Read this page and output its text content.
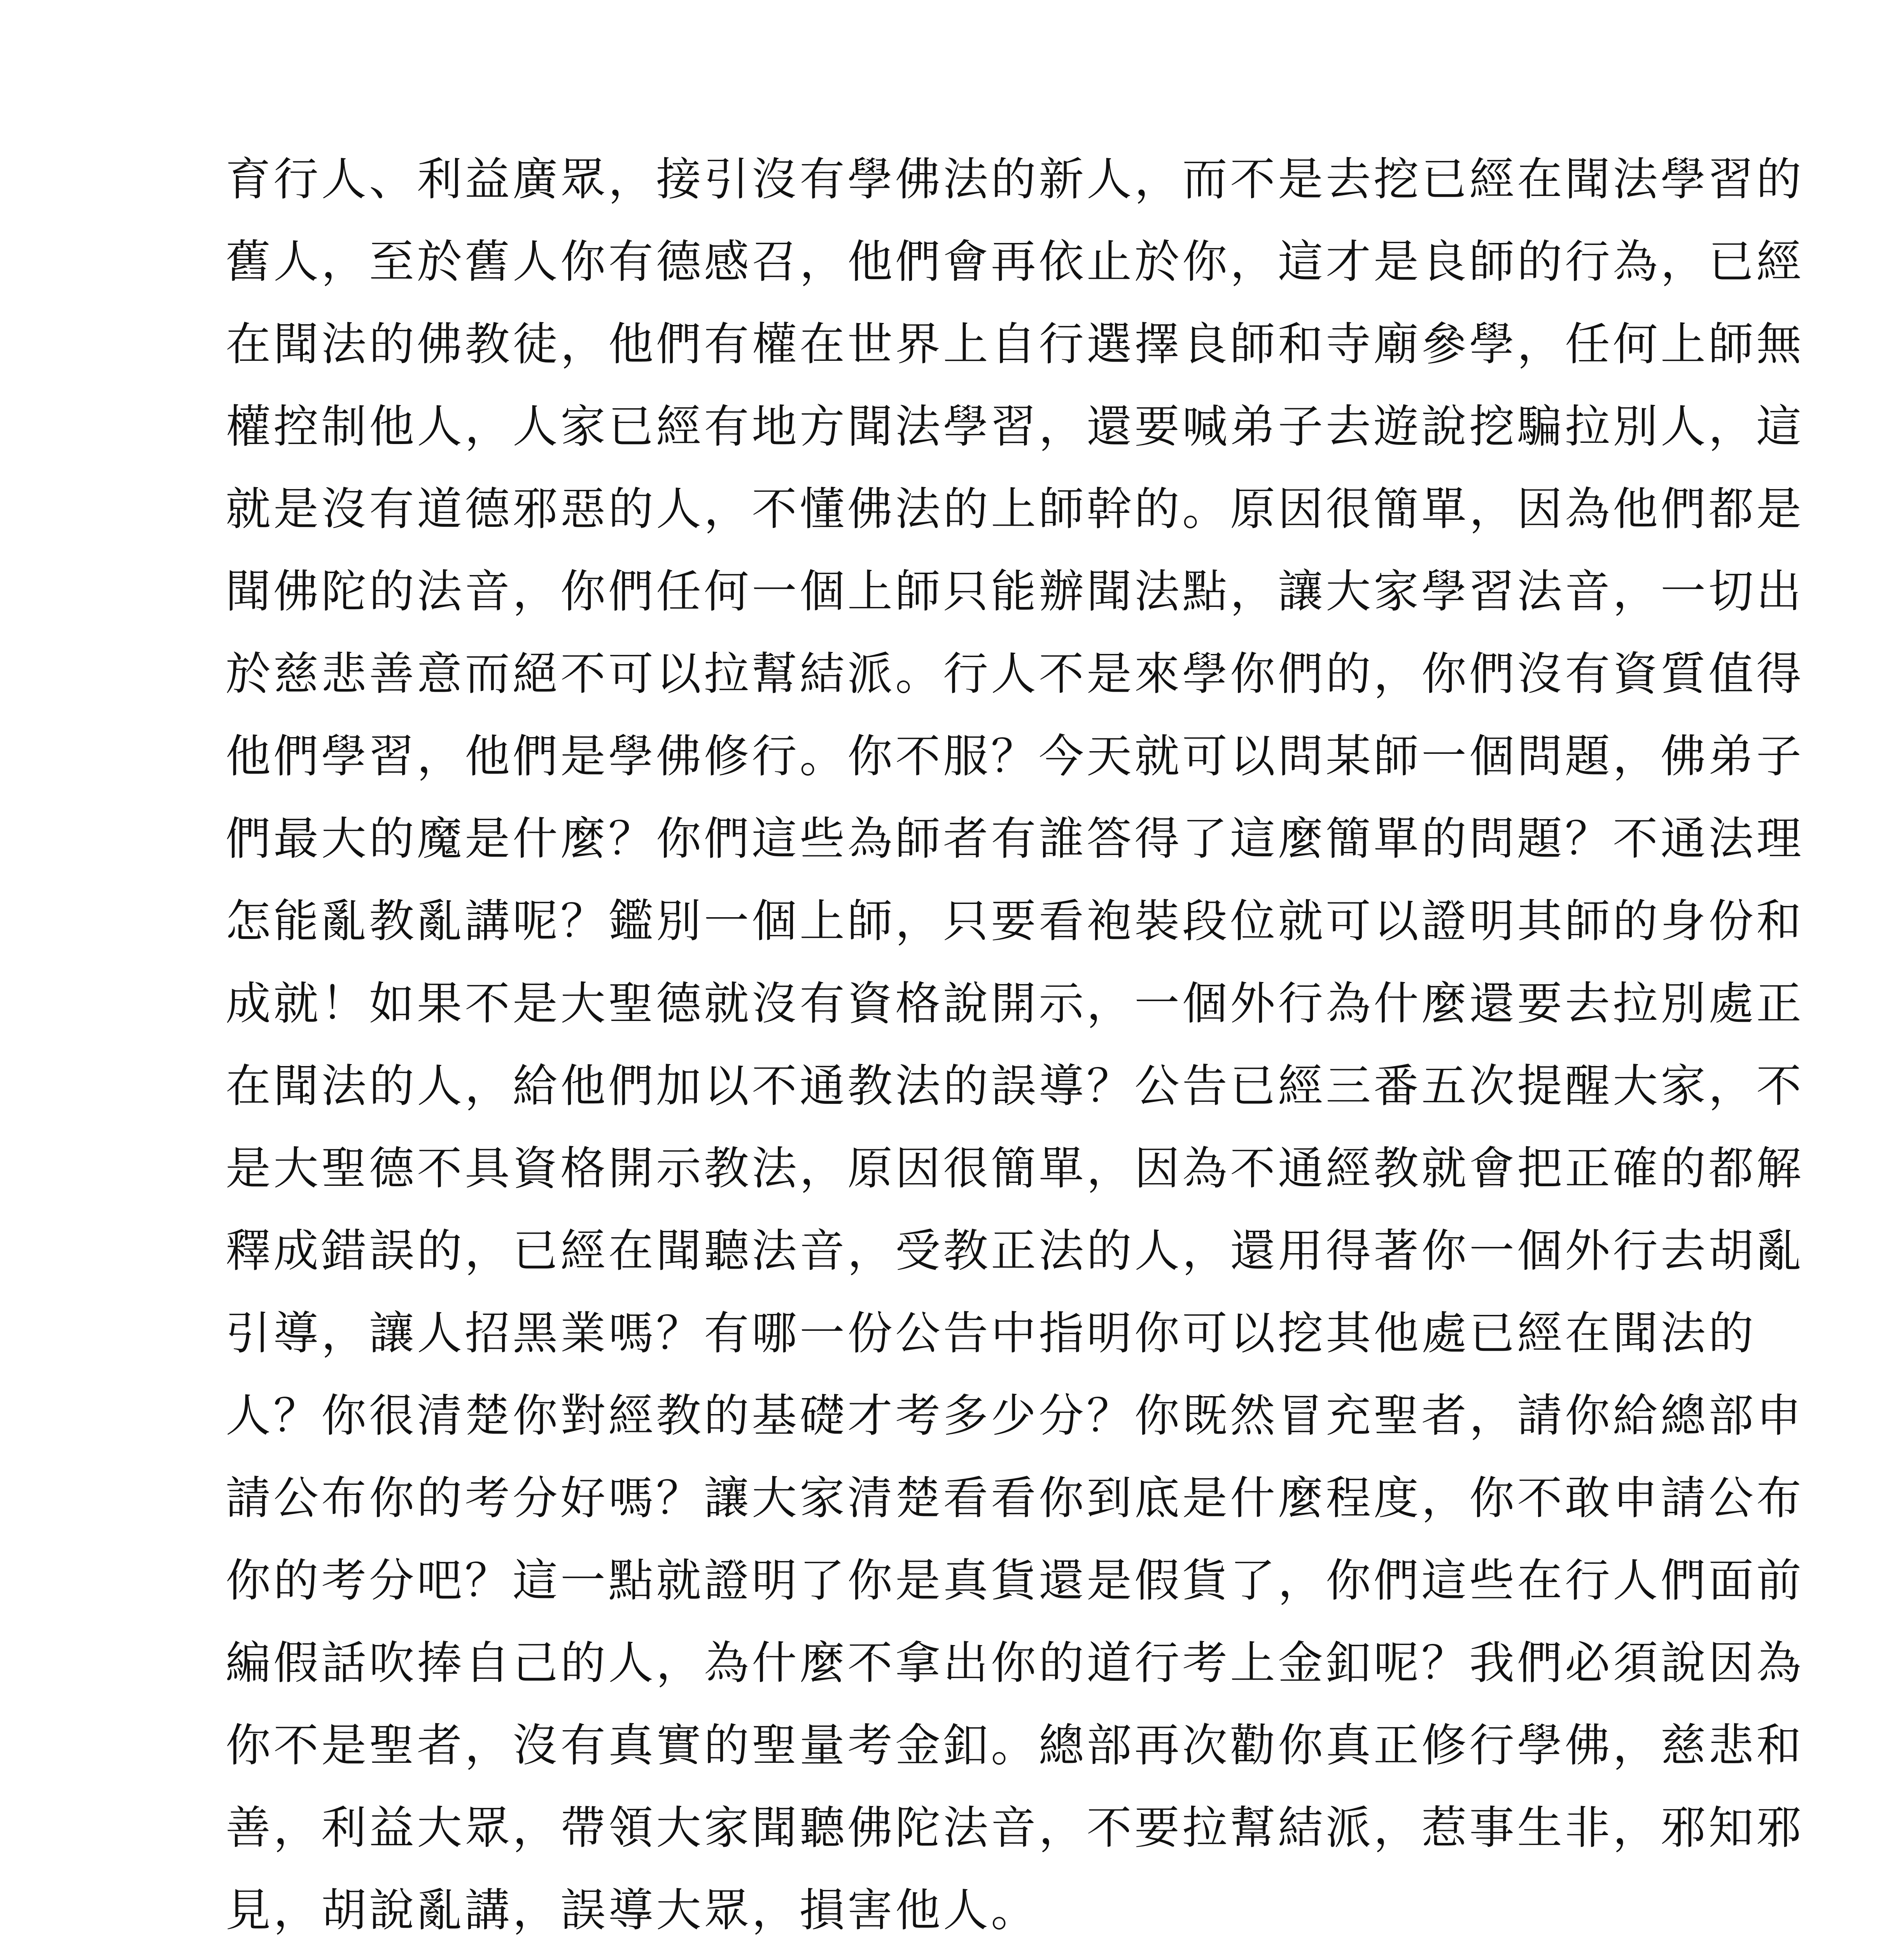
育行人、利益廣眾，接引沒有學佛法的新人，而不是去挖已經在聞法學習的
舊人，至於舊人你有德感召，他們會再依止於你，這才是良師的行為，已經
在聞法的佛教徒，他們有權在世界上自行選擇良師和寺廟參學，任何上師無
權控制他人，人家已經有地方聞法學習，還要喊弟子去遊說挖騙拉別人，這
就是沒有道德邪惡的人，不懂佛法的上師幹的。原因很簡單，因為他們都是
聞佛陀的法音，你們任何一個上師只能辦聞法點，讓大家學習法音，一切出
於慈悲善意而絕不可以拉幫結派。行人不是來學你們的，你們沒有資質值得
他們學習，他們是學佛修行。你不服？今天就可以問某師一個問題，佛弟子
們最大的魔是什麼？你們這些為師者有誰答得了這麼簡單的問題？不通法理
怎能亂教亂講呢？鑑別一個上師，只要看袍裝段位就可以證明其師的身份和
成就！如果不是大聖德就沒有資格說開示，一個外行為什麼還要去拉別處正
在聞法的人，給他們加以不通教法的誤導？公告已經三番五次提醒大家，不
是大聖德不具資格開示教法，原因很簡單，因為不通經教就會把正確的都解
釋成錯誤的，已經在聞聽法音，受教正法的人，還用得著你一個外行去胡亂
引導，讓人招黑業嗎？有哪一份公告中指明你可以挖其他處已經在聞法的
人？你很清楚你對經教的基礎才考多少分？你既然冒充聖者，請你給總部申
請公布你的考分好嗎？讓大家清楚看看你到底是什麼程度，你不敢申請公布
你的考分吧？這一點就證明了你是真貨還是假貨了，你們這些在行人們面前
編假話吹捧自己的人，為什麼不拿出你的道行考上金釦呢？我們必須說因為
你不是聖者，沒有真實的聖量考金釦。總部再次勸你真正修行學佛，慈悲和
善，利益大眾，帶領大家聞聽佛陀法音，不要拉幫結派，惹事生非，邪知邪
見，胡說亂講，誤導大眾，損害他人。
